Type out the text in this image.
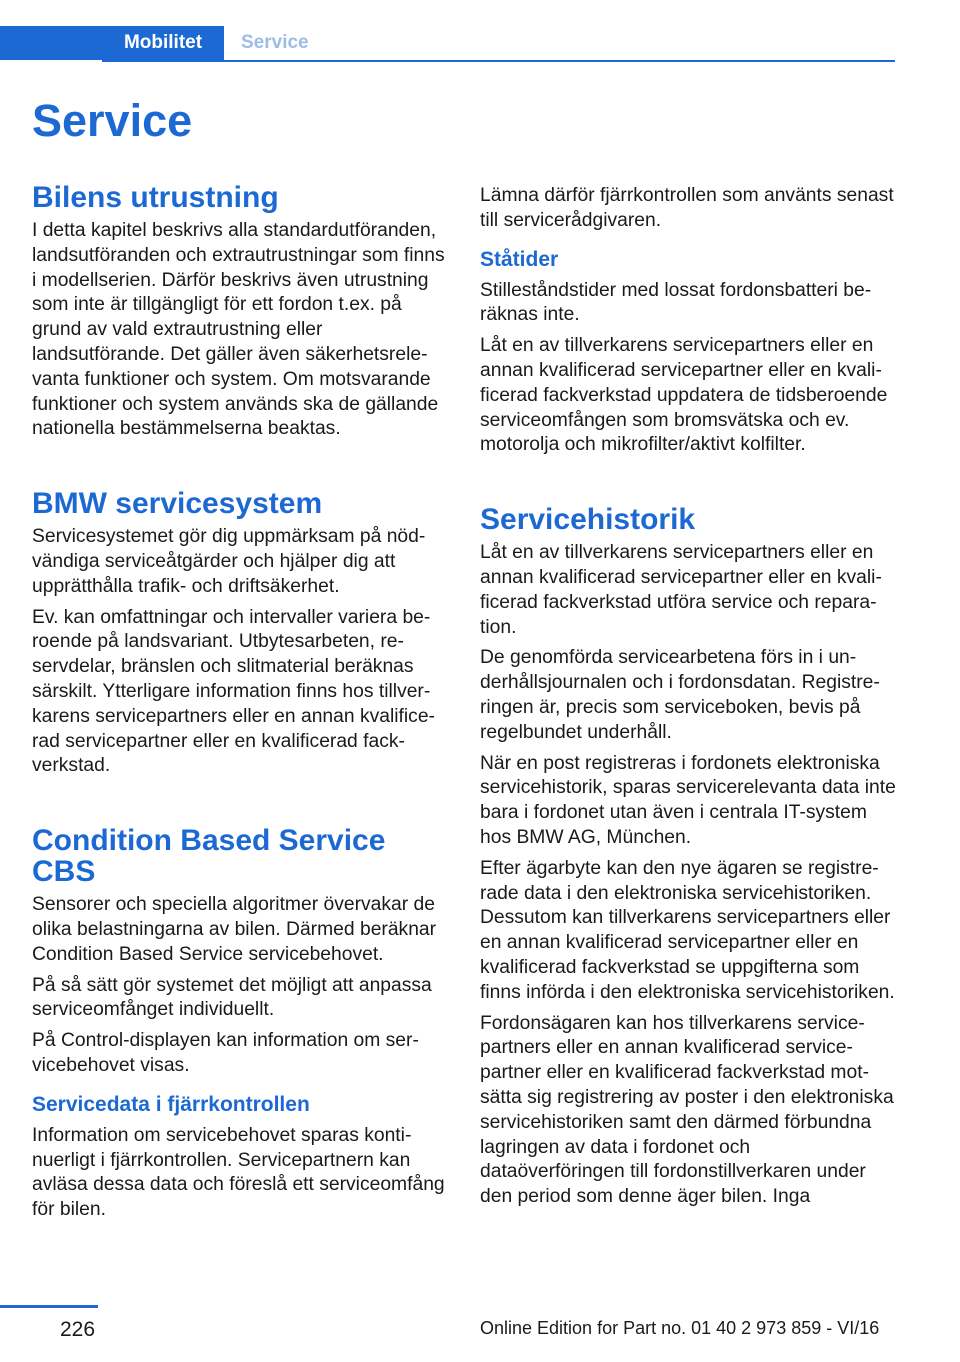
Mobilitet	Service
Service
Bilens utrustning

I detta kapitel beskrivs alla standardutföranden, landsutföranden och extrautrustningar som finns i modellserien. Därför beskrivs även utrustning som inte är tillgängligt för ett fordon t.ex. på grund av vald extrautrustning eller landsutförande. Det gäller även säkerhetsrelevanta funktioner och system. Om motsvarande funktioner och system används ska de gällande nationella bestämmelserna beaktas.

BMW servicesystem

Servicesystemet gör dig uppmärksam på nödvändiga serviceåtgärder och hjälper dig att upprätthålla trafik- och driftsäkerhet.

Ev. kan omfattningar och intervaller variera beroende på landsvariant. Utbytesarbeten, reservdelar, bränslen och slitmaterial beräknas särskilt. Ytterligare information finns hos tillverkarens servicepartners eller en annan kvalificerad servicepartner eller en kvalificerad fackverkstad.

Condition Based Service CBS

Sensorer och speciella algoritmer övervakar de olika belastningarna av bilen. Därmed beräknar Condition Based Service servicebehovet.

På så sätt gör systemet det möjligt att anpassa serviceomfånget individuellt.

På Control-displayen kan information om servicebehovet visas.

Servicedata i fjärrkontrollen

Information om servicebehovet sparas kontinuerligt i fjärrkontrollen. Servicepartnern kan avläsa dessa data och föreslå ett serviceomfång för bilen.

Lämna därför fjärrkontrollen som använts senast till servicerådgivaren.

Ståtider

Stilleståndstider med lossat fordonsbatteri beräknas inte.

Låt en av tillverkarens servicepartners eller en annan kvalificerad servicepartner eller en kvalificerad fackverkstad uppdatera de tidsberoende serviceomfången som bromsvätska och ev. motorolja och mikrofilter/aktivt kolfilter.

Servicehistorik

Låt en av tillverkarens servicepartners eller en annan kvalificerad servicepartner eller en kvalificerad fackverkstad utföra service och reparation.

De genomförda servicearbetena förs in i underhållsjournalen och i fordonsdatan. Registreringen är, precis som serviceboken, bevis på regelbundet underhåll.

När en post registreras i fordonets elektroniska servicehistorik, sparas servicerelevanta data inte bara i fordonet utan även i centrala IT-system hos BMW AG, München.

Efter ägarbyte kan den nye ägaren se registrerade data i den elektroniska servicehistoriken. Dessutom kan tillverkarens servicepartners eller en annan kvalificerad servicepartner eller en kvalificerad fackverkstad se uppgifterna som finns införda i den elektroniska servicehistoriken.

Fordonsägaren kan hos tillverkarens servicepartners eller en annan kvalificerad servicepartner eller en kvalificerad fackverkstad motsätta sig registrering av poster i den elektroniska servicehistoriken samt den därmed förbundna lagringen av data i fordonet och dataöverföringen till fordonstillverkaren under den period som denne äger bilen. Inga

226	Online Edition for Part no. 01 40 2 973 859 - VI/16
